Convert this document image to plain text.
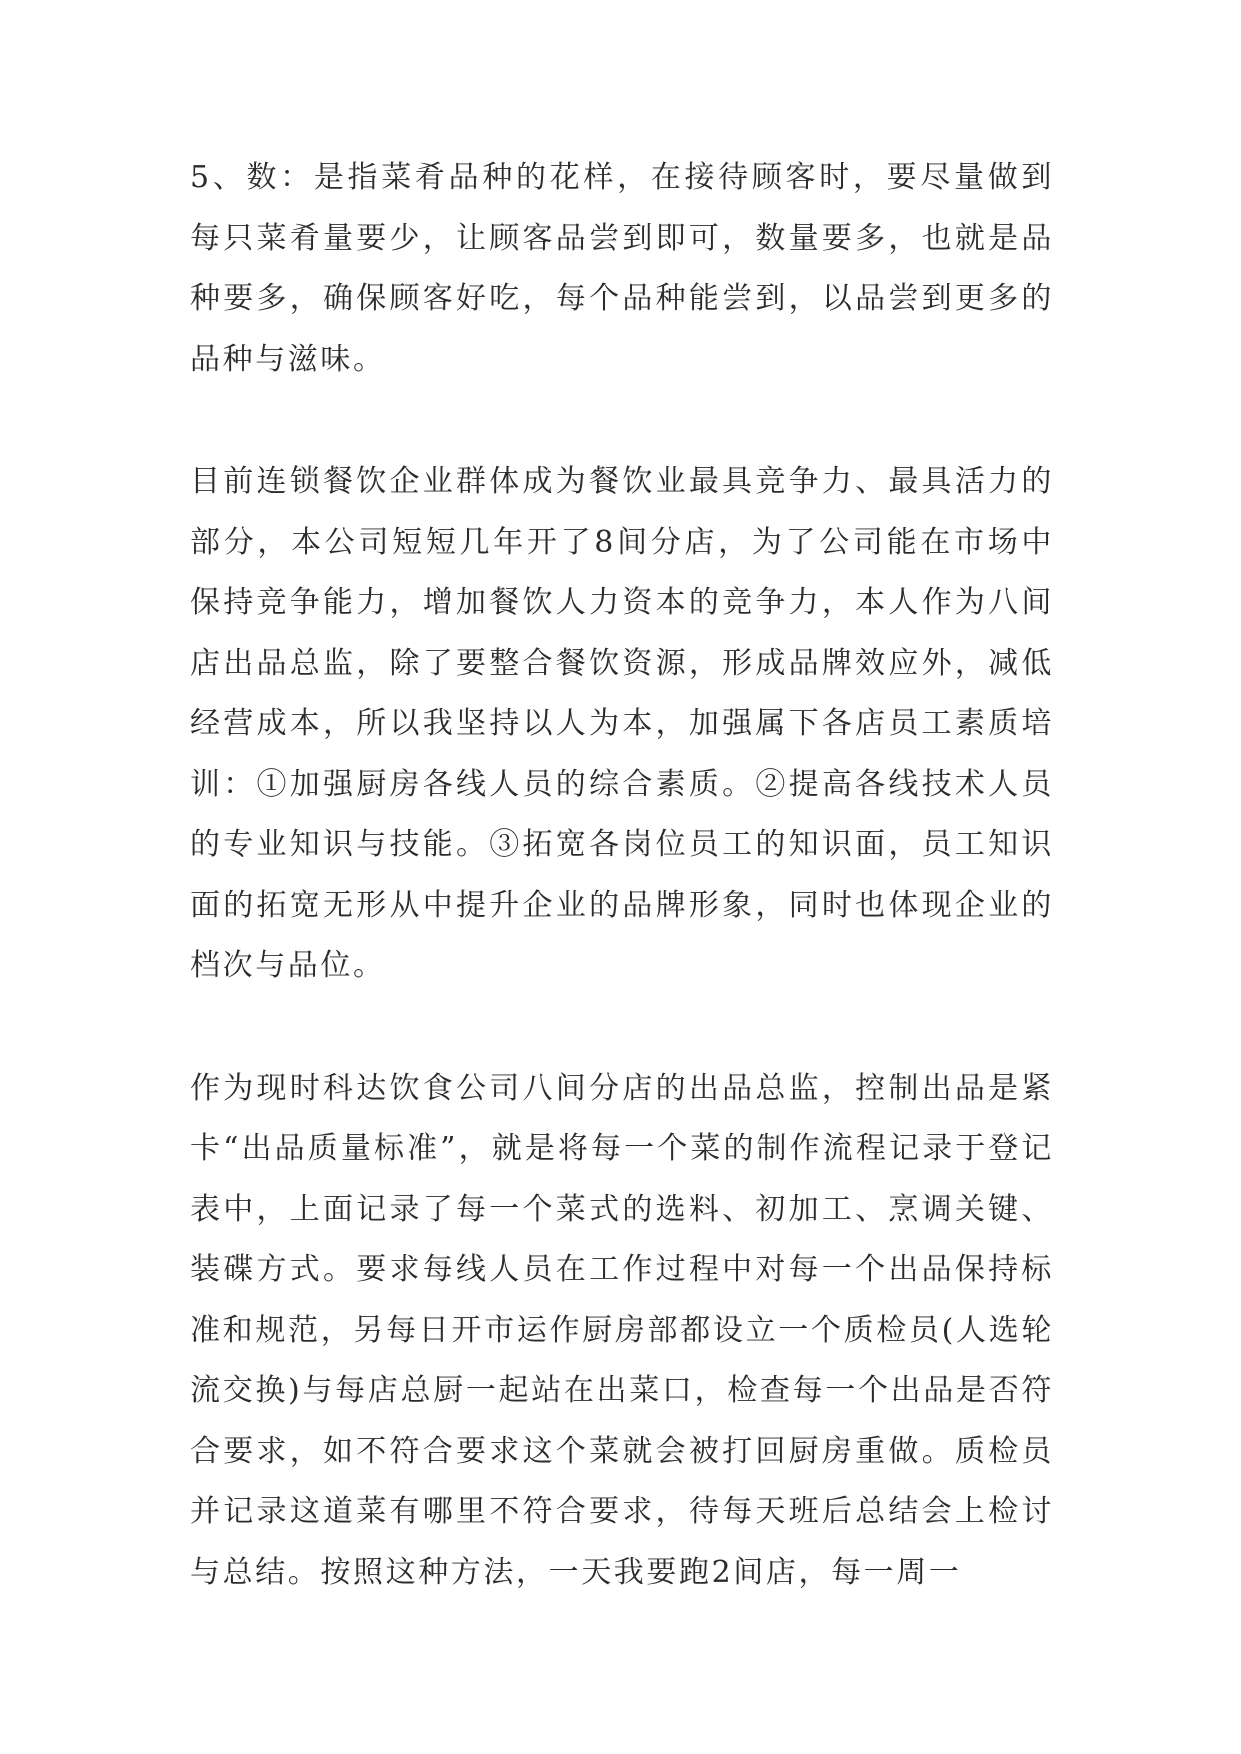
5、数：是指菜肴品种的花样，在接待顾客时，要尽量做到每只菜肴量要少，让顾客品尝到即可，数量要多，也就是品种要多，确保顾客好吃，每个品种能尝到，以品尝到更多的品种与滋味。

目前连锁餐饮企业群体成为餐饮业最具竞争力、最具活力的部分，本公司短短几年开了8间分店，为了公司能在市场中保持竞争能力，增加餐饮人力资本的竞争力，本人作为八间店出品总监，除了要整合餐饮资源，形成品牌效应外，减低经营成本，所以我坚持以人为本，加强属下各店员工素质培训：①加强厨房各线人员的综合素质。②提高各线技术人员的专业知识与技能。③拓宽各岗位员工的知识面，员工知识面的拓宽无形从中提升企业的品牌形象，同时也体现企业的档次与品位。

作为现时科达饮食公司八间分店的出品总监，控制出品是紧卡“出品质量标准”，就是将每一个菜的制作流程记录于登记表中，上面记录了每一个菜式的选料、初加工、烹调关键、装碟方式。要求每线人员在工作过程中对每一个出品保持标准和规范，另每日开市运作厨房部都设立一个质检员(人选轮流交换)与每店总厨一起站在出菜口，检查每一个出品是否符合要求，如不符合要求这个菜就会被打回厨房重做。质检员并记录这道菜有哪里不符合要求，待每天班后总结会上检讨与总结。按照这种方法，一天我要跑2间店，每一周一
